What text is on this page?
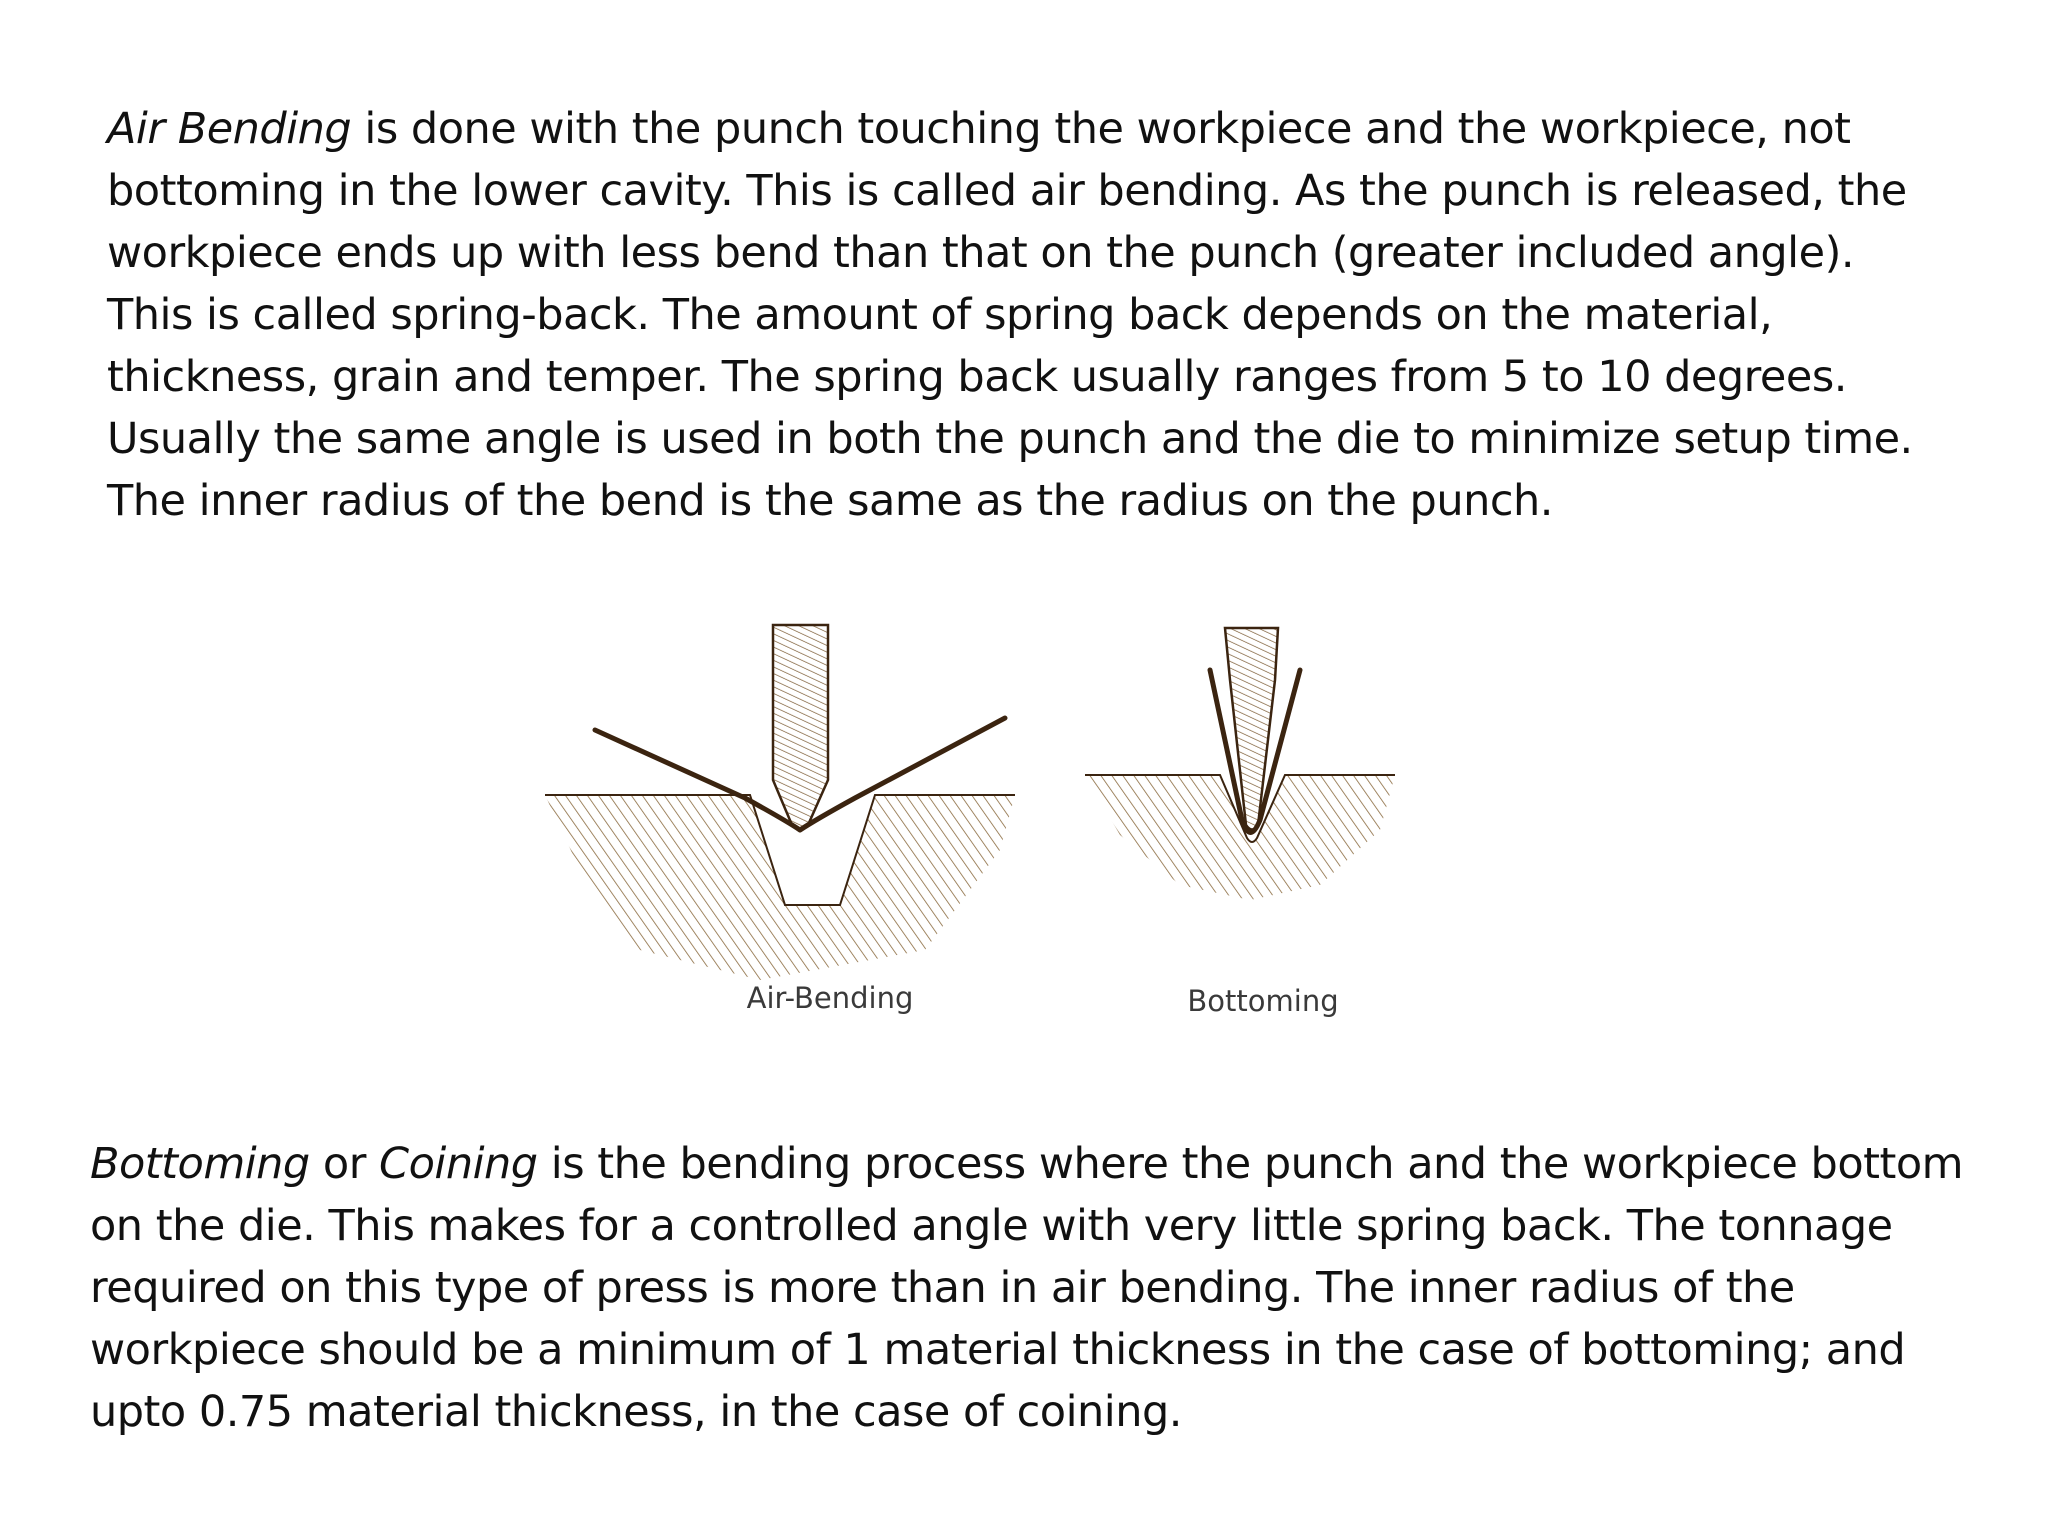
Air Bending is done with the punch touching the workpiece and the workpiece, not
bottoming in the lower cavity. This is called air bending. As the punch is released, the
workpiece ends up with less bend than that on the punch (greater included angle).
This is called spring-back. The amount of spring back depends on the material,
thickness, grain and temper. The spring back usually ranges from 5 to 10 degrees.
Usually the same angle is used in both the punch and the die to minimize setup time.
The inner radius of the bend is the same as the radius on the punch.
Air-Bending	Bottoming
Bottoming or Coining is the bending process where the punch and the workpiece bottom
on the die. This makes for a controlled angle with very little spring back. The tonnage
required on this type of press is more than in air bending. The inner radius of the
workpiece should be a minimum of 1 material thickness in the case of bottoming; and
upto 0.75 material thickness, in the case of coining.
